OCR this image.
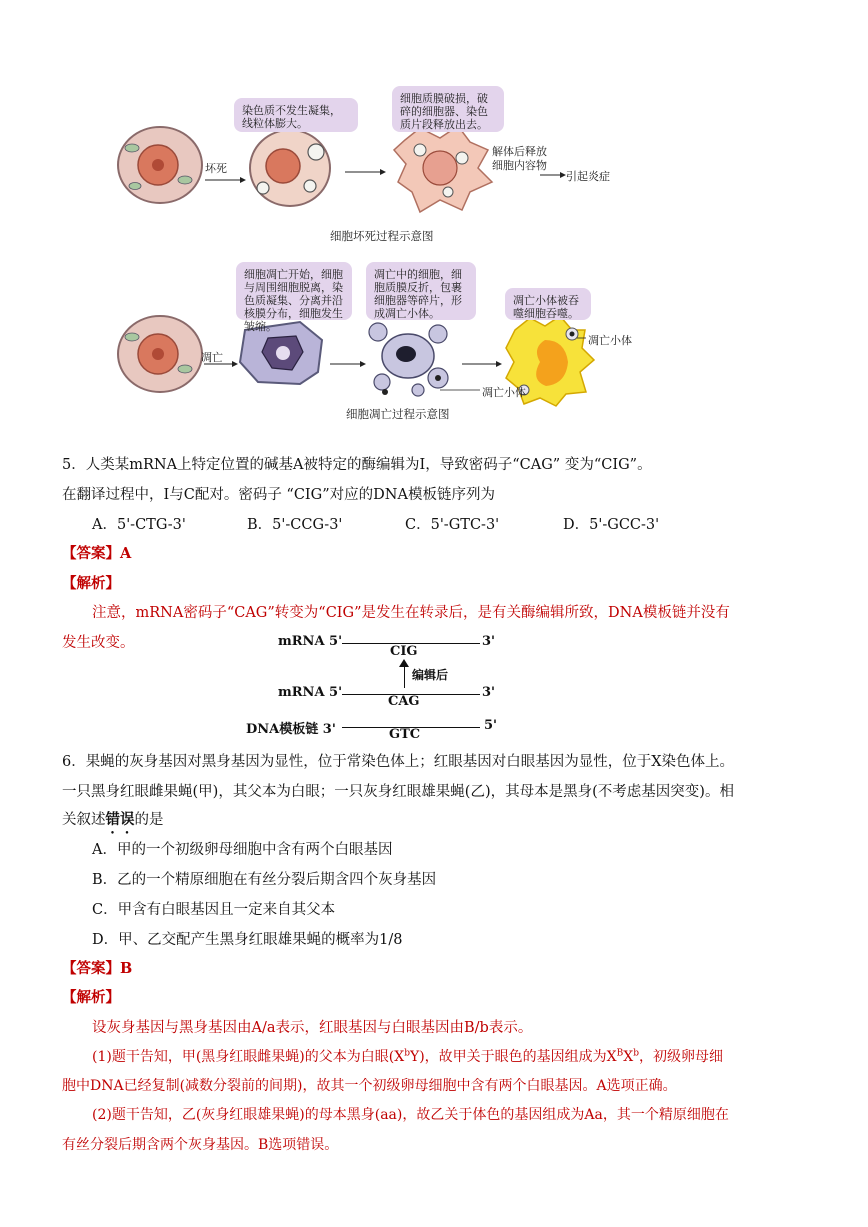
染色质不发生凝集，线粒体膨大。
细胞质膜破损，破碎的细胞器、染色质片段释放出去。
坏死
解体后释放细胞内容物
引起炎症
细胞坏死过程示意图
细胞凋亡开始，细胞与周围细胞脱离，染色质凝集、分离并沿核膜分布，细胞发生皱缩。
凋亡中的细胞，细胞质膜反折，包裹细胞器等碎片，形成凋亡小体。
凋亡小体被吞噬细胞吞噬。
凋亡
凋亡小体
凋亡小体
细胞凋亡过程示意图
5．人类某mRNA上特定位置的碱基A被特定的酶编辑为I，导致密码子“CAG” 变为“CIG”。
在翻译过程中，I与C配对。密码子 “CIG”对应的DNA模板链序列为
A．5'-CTG-3'	B．5'-CCG-3'	C．5'-GTC-3'	D．5'-GCC-3'
【答案】A
【解析】
注意，mRNA密码子“CAG”转变为“CIG”是发生在转录后，是有关酶编辑所致，DNA模板链并没有
发生改变。	mRNA 5'	3'
CIG
编辑后
mRNA 5'	3'
CAG
DNA模板链 3'	5'
GTC
6．果蝇的灰身基因对黑身基因为显性，位于常染色体上；红眼基因对白眼基因为显性，位于X染色体上。
一只黑身红眼雌果蝇(甲)，其父本为白眼；一只灰身红眼雄果蝇(乙)，其母本是黑身(不考虑基因突变)。相
关叙述错误的是
A．甲的一个初级卵母细胞中含有两个白眼基因
B．乙的一个精原细胞在有丝分裂后期含四个灰身基因
C．甲含有白眼基因且一定来自其父本
D．甲、乙交配产生黑身红眼雄果蝇的概率为1/8
【答案】B
【解析】
设灰身基因与黑身基因由A/a表示，红眼基因与白眼基因由B/b表示。
(1)题干告知，甲(黑身红眼雌果蝇)的父本为白眼$(X^bY)$，故甲关于眼色的基因组成为$X^BX^b$，初级卵母细
胞中DNA已经复制(减数分裂前的间期)，故其一个初级卵母细胞中含有两个白眼基因。A选项正确。
(2)题干告知，乙(灰身红眼雄果蝇)的母本黑身(aa)，故乙关于体色的基因组成为Aa，其一个精原细胞在
有丝分裂后期含两个灰身基因。B选项错误。
